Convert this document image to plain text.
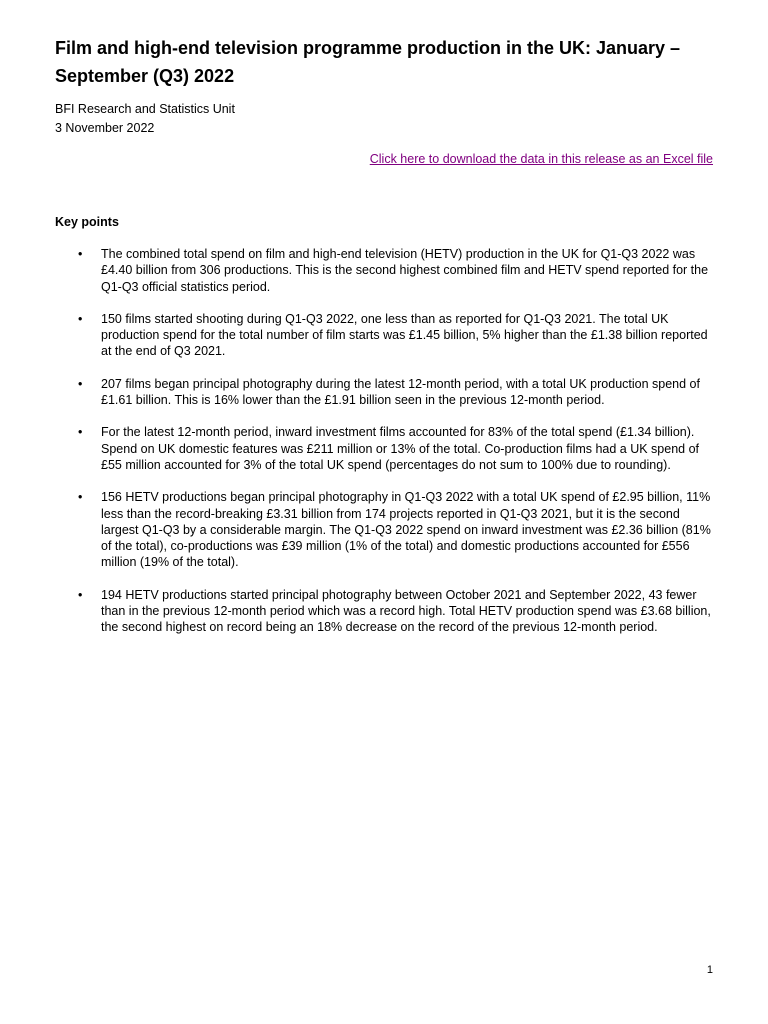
Film and high-end television programme production in the UK: January – September (Q3) 2022
BFI Research and Statistics Unit
3 November 2022
Click here to download the data in this release as an Excel file
Key points
• The combined total spend on film and high-end television (HETV) production in the UK for Q1-Q3 2022 was £4.40 billion from 306 productions. This is the second highest combined film and HETV spend reported for the Q1-Q3 official statistics period.
• 150 films started shooting during Q1-Q3 2022, one less than as reported for Q1-Q3 2021. The total UK production spend for the total number of film starts was £1.45 billion, 5% higher than the £1.38 billion reported at the end of Q3 2021.
• 207 films began principal photography during the latest 12-month period, with a total UK production spend of £1.61 billion. This is 16% lower than the £1.91 billion seen in the previous 12-month period.
• For the latest 12-month period, inward investment films accounted for 83% of the total spend (£1.34 billion). Spend on UK domestic features was £211 million or 13% of the total. Co-production films had a UK spend of £55 million accounted for 3% of the total UK spend (percentages do not sum to 100% due to rounding).
• 156 HETV productions began principal photography in Q1-Q3 2022 with a total UK spend of £2.95 billion, 11% less than the record-breaking £3.31 billion from 174 projects reported in Q1-Q3 2021, but it is the second largest Q1-Q3 by a considerable margin. The Q1-Q3 2022 spend on inward investment was £2.36 billion (81% of the total), co-productions was £39 million (1% of the total) and domestic productions accounted for £556 million (19% of the total).
• 194 HETV productions started principal photography between October 2021 and September 2022, 43 fewer than in the previous 12-month period which was a record high. Total HETV production spend was £3.68 billion, the second highest on record being an 18% decrease on the record of the previous 12-month period.
1
